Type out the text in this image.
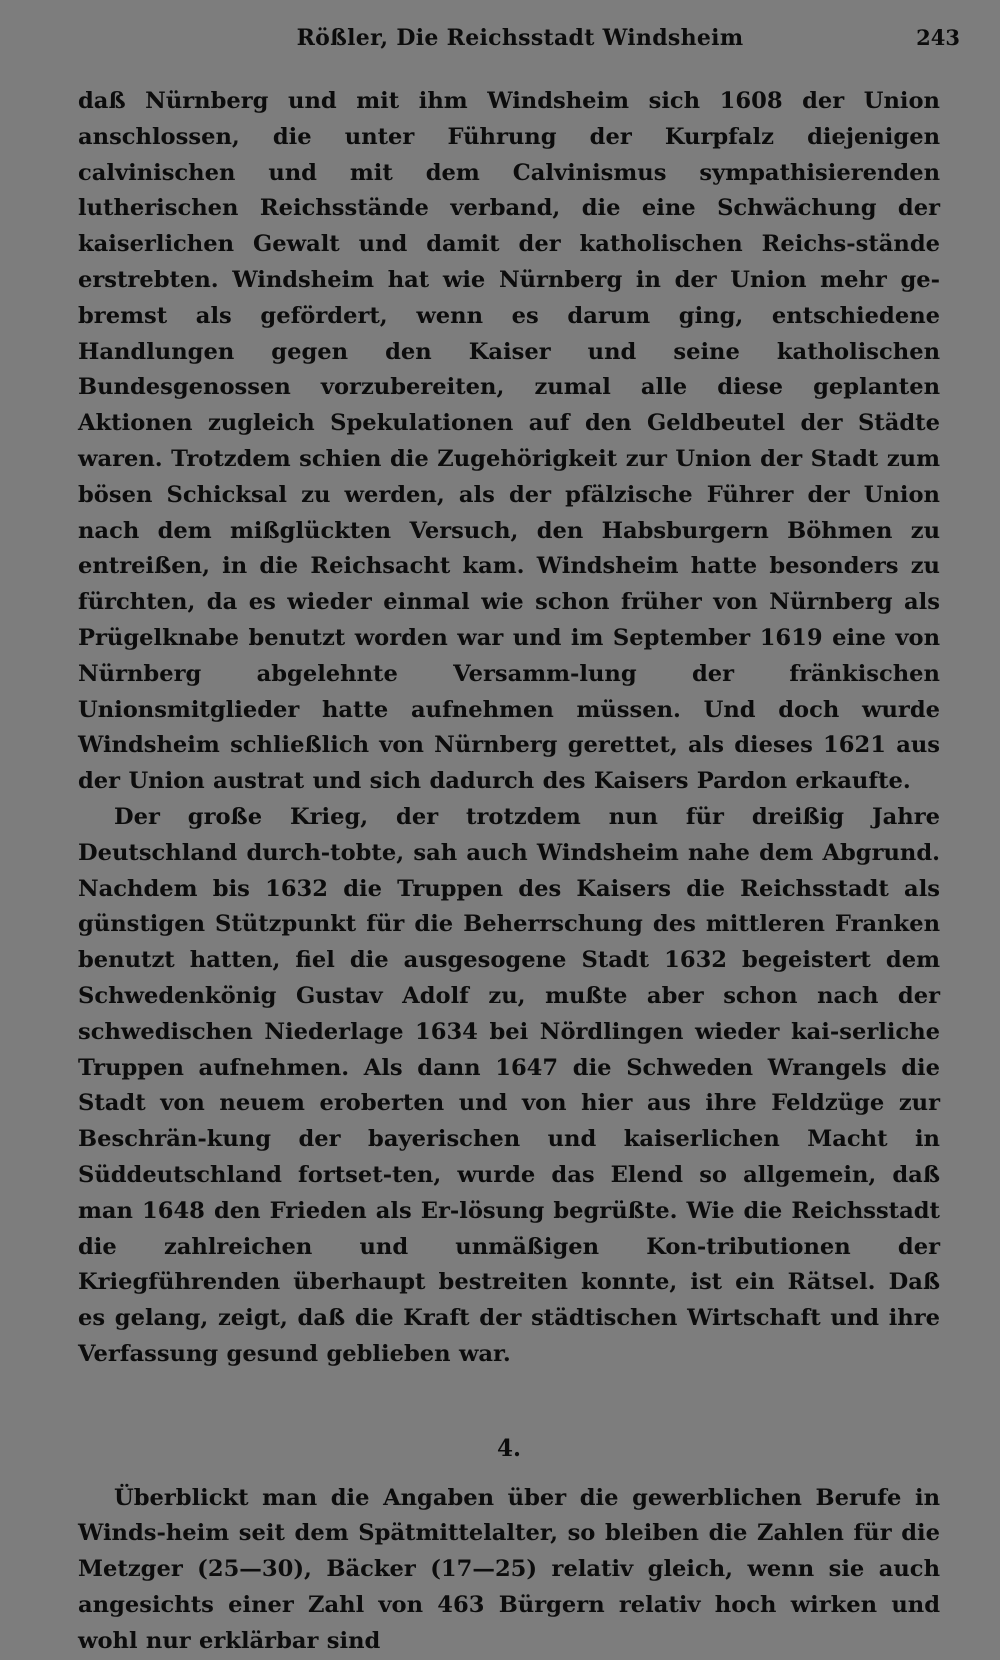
Rößler, Die Reichsstadt Windsheim	243

daß Nürnberg und mit ihm Windsheim sich 1608 der Union anschlossen, die unter Führung der Kurpfalz diejenigen calvinischen und mit dem Calvinismus sympathisierenden lutherischen Reichsstände verband, die eine Schwächung der kaiserlichen Gewalt und damit der katholischen Reichs-stände erstrebten. Windsheim hat wie Nürnberg in der Union mehr ge-bremst als gefördert, wenn es darum ging, entschiedene Handlungen gegen den Kaiser und seine katholischen Bundesgenossen vorzubereiten, zumal alle diese geplanten Aktionen zugleich Spekulationen auf den Geldbeutel der Städte waren. Trotzdem schien die Zugehörigkeit zur Union der Stadt zum bösen Schicksal zu werden, als der pfälzische Führer der Union nach dem mißglückten Versuch, den Habsburgern Böhmen zu entreißen, in die Reichsacht kam. Windsheim hatte besonders zu fürchten, da es wieder einmal wie schon früher von Nürnberg als Prügelknabe benutzt worden war und im September 1619 eine von Nürnberg abgelehnte Versamm-lung der fränkischen Unionsmitglieder hatte aufnehmen müssen. Und doch wurde Windsheim schließlich von Nürnberg gerettet, als dieses 1621 aus der Union austrat und sich dadurch des Kaisers Pardon erkaufte.

Der große Krieg, der trotzdem nun für dreißig Jahre Deutschland durch-tobte, sah auch Windsheim nahe dem Abgrund. Nachdem bis 1632 die Truppen des Kaisers die Reichsstadt als günstigen Stützpunkt für die Beherrschung des mittleren Franken benutzt hatten, fiel die ausgesogene Stadt 1632 begeistert dem Schwedenkönig Gustav Adolf zu, mußte aber schon nach der schwedischen Niederlage 1634 bei Nördlingen wieder kai-serliche Truppen aufnehmen. Als dann 1647 die Schweden Wrangels die Stadt von neuem eroberten und von hier aus ihre Feldzüge zur Beschrän-kung der bayerischen und kaiserlichen Macht in Süddeutschland fortset-ten, wurde das Elend so allgemein, daß man 1648 den Frieden als Er-lösung begrüßte. Wie die Reichsstadt die zahlreichen und unmäßigen Kon-tributionen der Kriegführenden überhaupt bestreiten konnte, ist ein Rätsel. Daß es gelang, zeigt, daß die Kraft der städtischen Wirtschaft und ihre Verfassung gesund geblieben war.

4.

Überblickt man die Angaben über die gewerblichen Berufe in Winds-heim seit dem Spätmittelalter, so bleiben die Zahlen für die Metzger (25—30), Bäcker (17—25) relativ gleich, wenn sie auch angesichts einer Zahl von 463 Bürgern relativ hoch wirken und wohl nur erklärbar sind
